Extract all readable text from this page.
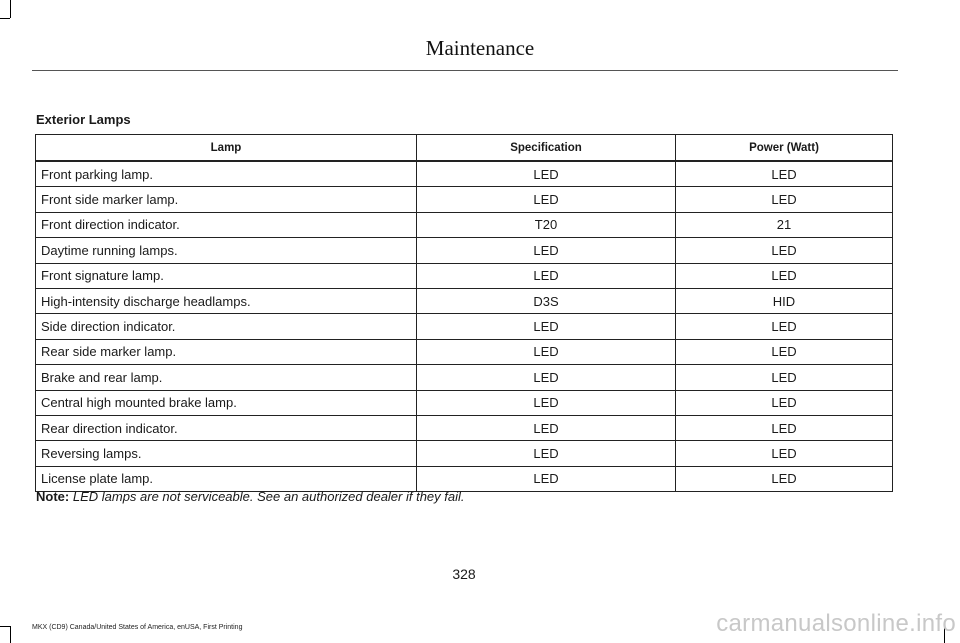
Maintenance
Exterior Lamps
Lamp	Specification	Power (Watt)
Front parking lamp.	LED	LED
Front side marker lamp.	LED	LED
Front direction indicator.	T20	21
Daytime running lamps.	LED	LED
Front signature lamp.	LED	LED
High-intensity discharge headlamps.	D3S	HID
Side direction indicator.	LED	LED
Rear side marker lamp.	LED	LED
Brake and rear lamp.	LED	LED
Central high mounted brake lamp.	LED	LED
Rear direction indicator.	LED	LED
Reversing lamps.	LED	LED
License plate lamp.	LED	LED
Note: LED lamps are not serviceable. See an authorized dealer if they fail.
328
MKX (CD9) Canada/United States of America, enUSA, First Printing	carmanualsonline.info
